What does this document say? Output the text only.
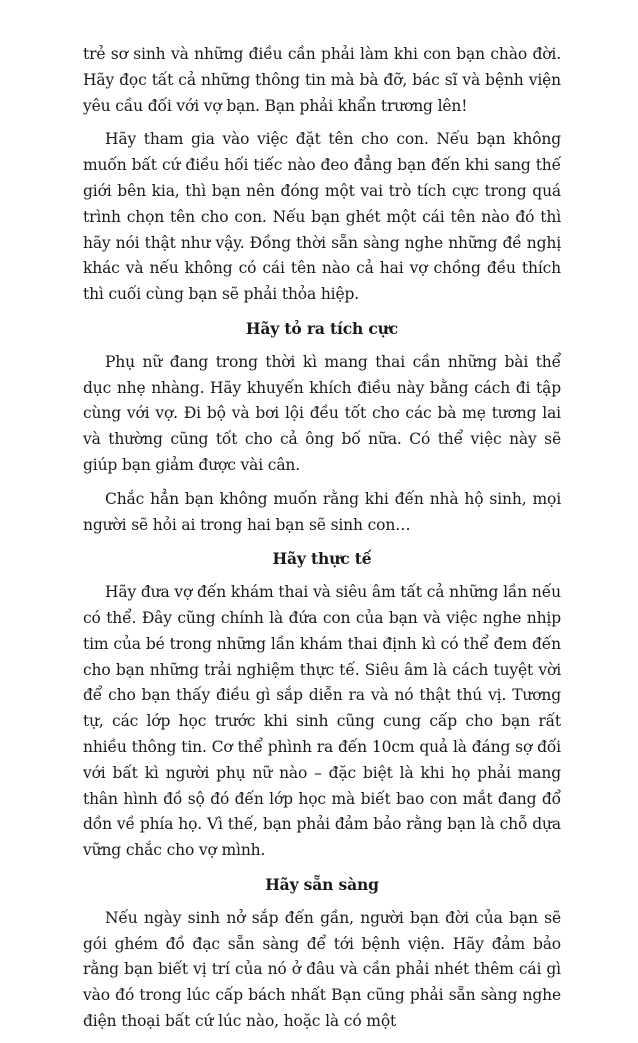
trẻ sơ sinh và những điều cần phải làm khi con bạn chào đời. Hãy đọc tất cả những thông tin mà bà đỡ, bác sĩ và bệnh viện yêu cầu đối với vợ bạn. Bạn phải khẩn trương lên!

Hãy tham gia vào việc đặt tên cho con. Nếu bạn không muốn bất cứ điều hối tiếc nào đeo đẳng bạn đến khi sang thế giới bên kia, thì bạn nên đóng một vai trò tích cực trong quá trình chọn tên cho con. Nếu bạn ghét một cái tên nào đó thì hãy nói thật như vậy. Đồng thời sẵn sàng nghe những đề nghị khác và nếu không có cái tên nào cả hai vợ chồng đều thích thì cuối cùng bạn sẽ phải thỏa hiệp.

Hãy tỏ ra tích cực

Phụ nữ đang trong thời kì mang thai cần những bài thể dục nhẹ nhàng. Hãy khuyến khích điều này bằng cách đi tập cùng với vợ. Đi bộ và bơi lội đều tốt cho các bà mẹ tương lai và thường cũng tốt cho cả ông bố nữa. Có thể việc này sẽ giúp bạn giảm được vài cân.

Chắc hẳn bạn không muốn rằng khi đến nhà hộ sinh, mọi người sẽ hỏi ai trong hai bạn sẽ sinh con…

Hãy thực tế

Hãy đưa vợ đến khám thai và siêu âm tất cả những lần nếu có thể. Đây cũng chính là đứa con của bạn và việc nghe nhịp tim của bé trong những lần khám thai định kì có thể đem đến cho bạn những trải nghiệm thực tế. Siêu âm là cách tuyệt vời để cho bạn thấy điều gì sắp diễn ra và nó thật thú vị. Tương tự, các lớp học trước khi sinh cũng cung cấp cho bạn rất nhiều thông tin. Cơ thể phình ra đến 10cm quả là đáng sợ đối với bất kì người phụ nữ nào – đặc biệt là khi họ phải mang thân hình đồ sộ đó đến lớp học mà biết bao con mắt đang đổ dồn về phía họ. Vì thế, bạn phải đảm bảo rằng bạn là chỗ dựa vững chắc cho vợ mình.

Hãy sẵn sàng

Nếu ngày sinh nở sắp đến gần, người bạn đời của bạn sẽ gói ghém đồ đạc sẵn sàng để tới bệnh viện. Hãy đảm bảo rằng bạn biết vị trí của nó ở đâu và cần phải nhét thêm cái gì vào đó trong lúc cấp bách nhất Bạn cũng phải sẵn sàng nghe điện thoại bất cứ lúc nào, hoặc là có một
